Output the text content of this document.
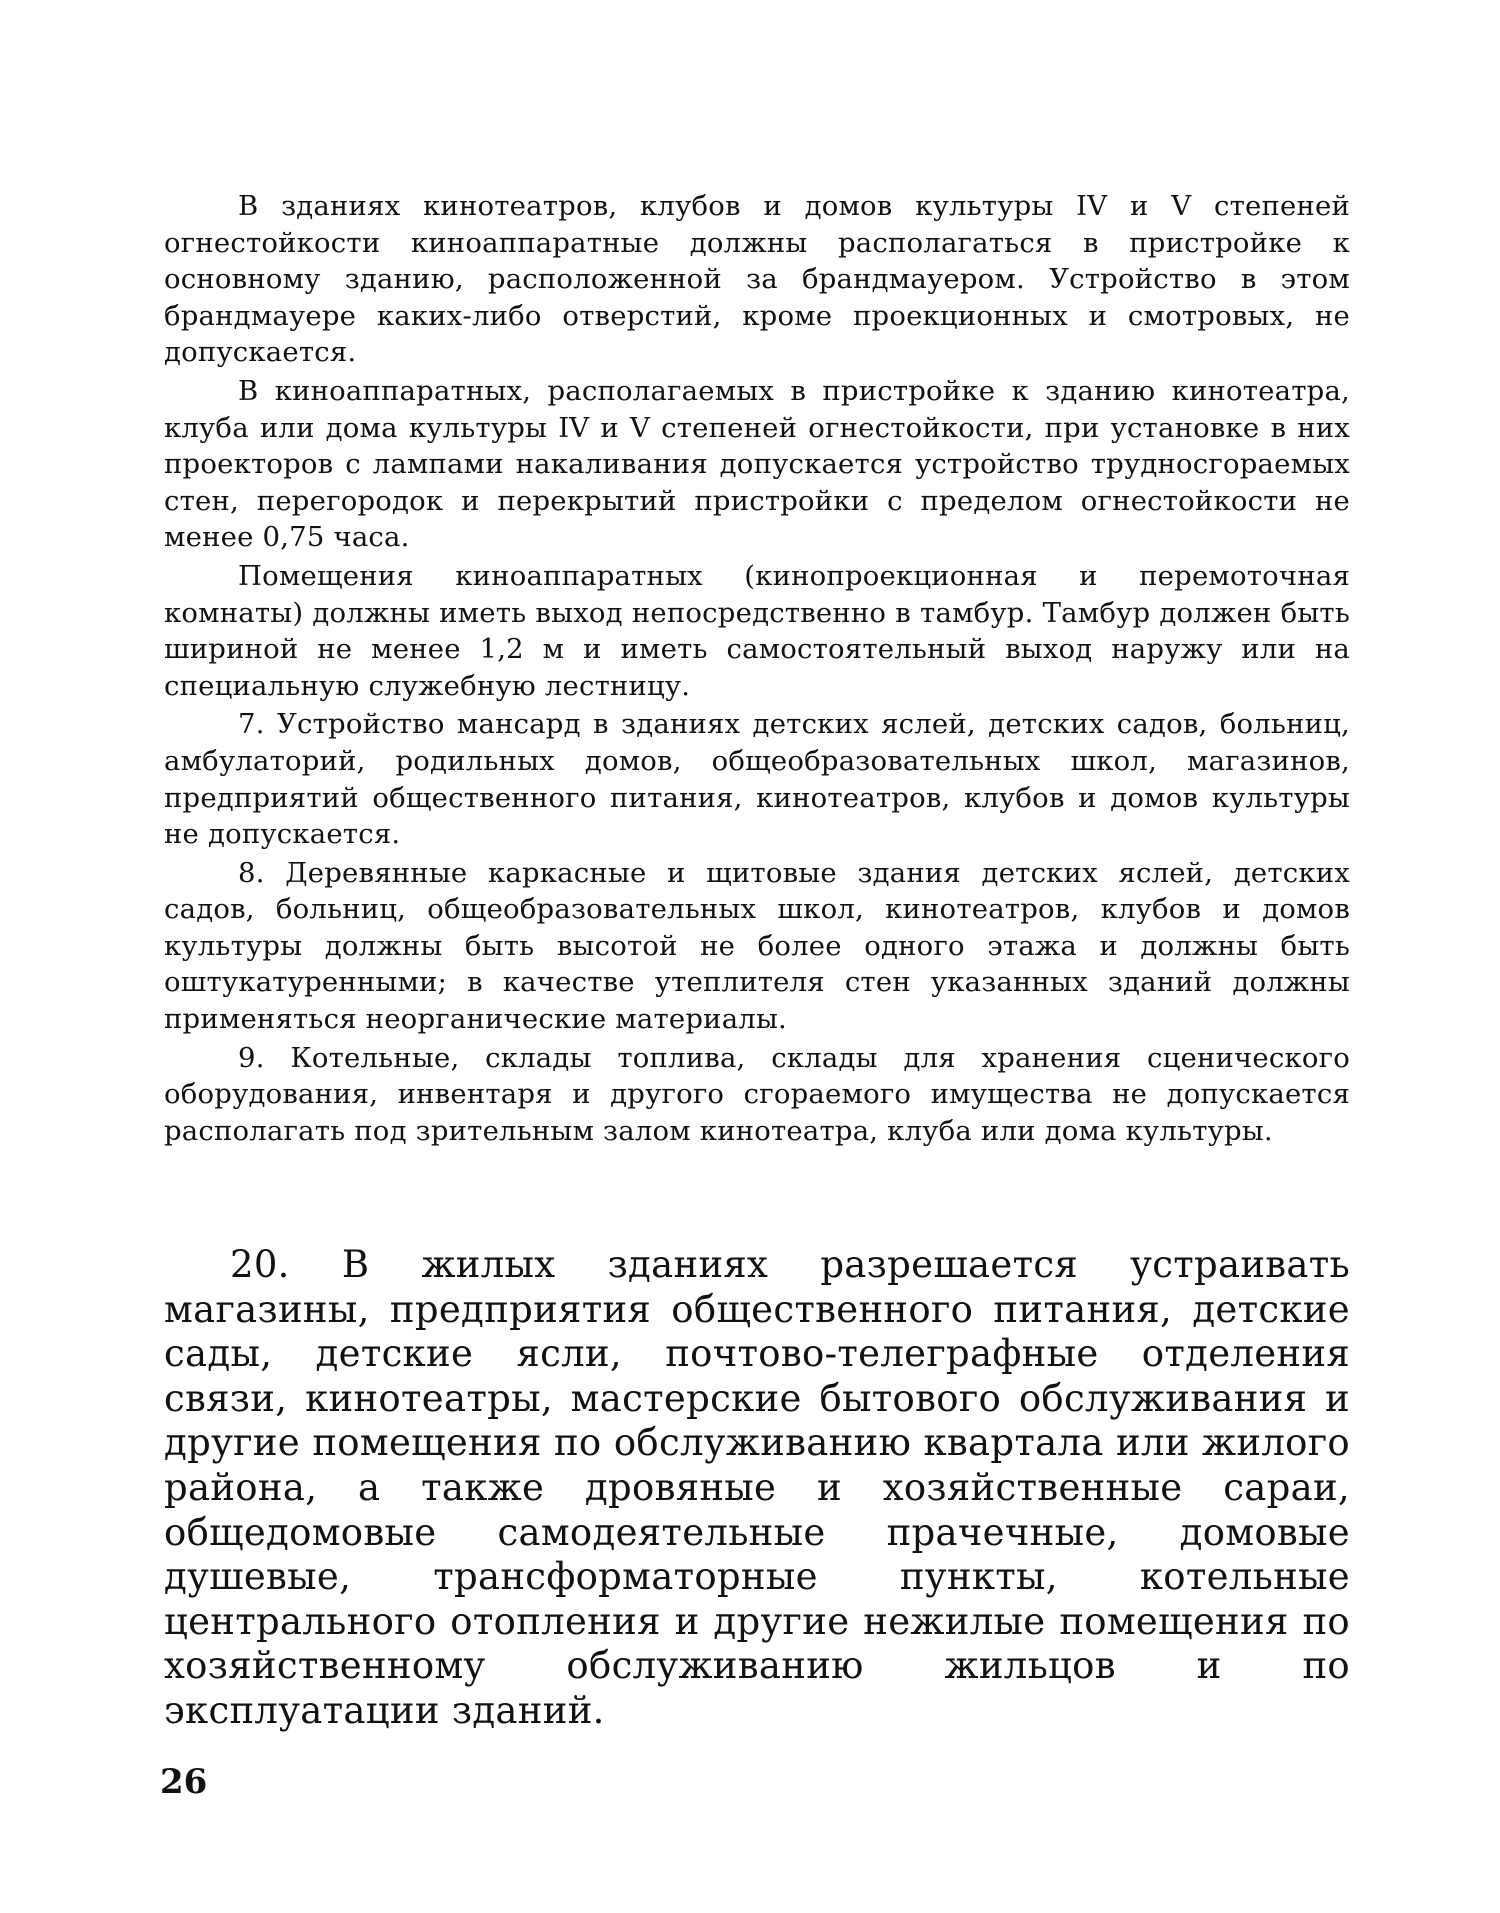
В зданиях кинотеатров, клубов и домов культуры IV и V степеней огнестойкости киноаппаратные должны располагаться в пристройке к основному зданию, расположенной за брандмауером. Устройство в этом брандмауере каких-либо отверстий, кроме проекционных и смотровых, не допускается.

В киноаппаратных, располагаемых в пристройке к зданию кинотеатра, клуба или дома культуры IV и V степеней огнестойкости, при установке в них проекторов с лампами накаливания допускается устройство трудносгораемых стен, перегородок и перекрытий пристройки с пределом огнестойкости не менее 0,75 часа.

Помещения киноаппаратных (кинопроекционная и перемоточная комнаты) должны иметь выход непосредственно в тамбур. Тамбур должен быть шириной не менее 1,2 м и иметь самостоятельный выход наружу или на специальную служебную лестницу.

7. Устройство мансард в зданиях детских яслей, детских садов, больниц, амбулаторий, родильных домов, общеобразовательных школ, магазинов, предприятий общественного питания, кинотеатров, клубов и домов культуры не допускается.

8. Деревянные каркасные и щитовые здания детских яслей, детских садов, больниц, общеобразовательных школ, кинотеатров, клубов и домов культуры должны быть высотой не более одного этажа и должны быть оштукатуренными; в качестве утеплителя стен указанных зданий должны применяться неорганические материалы.

9. Котельные, склады топлива, склады для хранения сценического оборудования, инвентаря и другого сгораемого имущества не допускается располагать под зрительным залом кинотеатра, клуба или дома культуры.

20. В жилых зданиях разрешается устраивать магазины, предприятия общественного питания, детские сады, детские ясли, почтово-телеграфные отделения связи, кинотеатры, мастерские бытового обслуживания и другие помещения по обслуживанию квартала или жилого района, а также дровяные и хозяйственные сараи, общедомовые самодеятельные прачечные, домовые душевые, трансформаторные пункты, котельные центрального отопления и другие нежилые помещения по хозяйственному обслуживанию жильцов и по эксплуатации зданий.

26
